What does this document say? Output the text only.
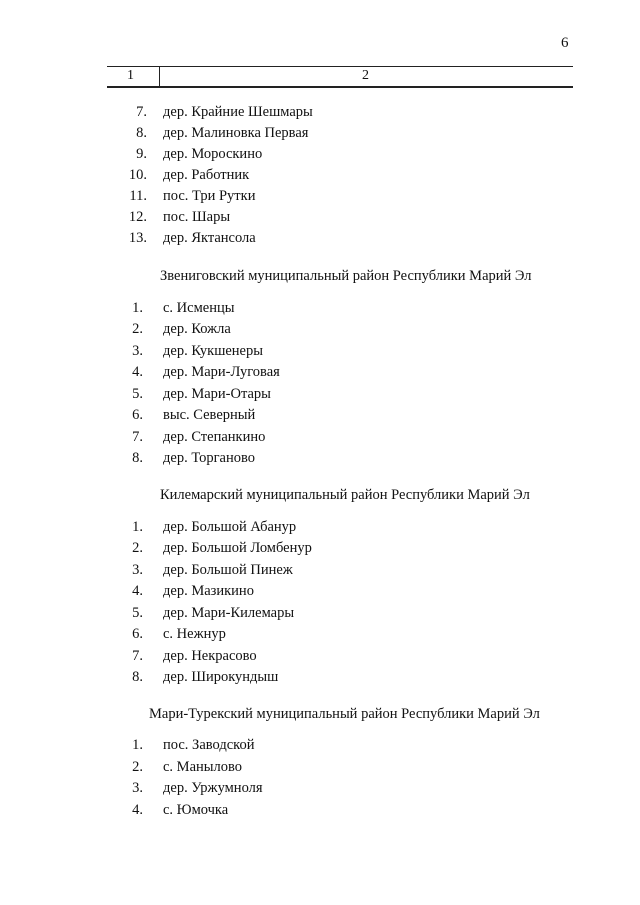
6
1	2
7. дер. Крайние Шешмары
8. дер. Малиновка Первая
9. дер. Мороскино
10. дер. Работник
11. пос. Три Рутки
12. пос. Шары
13. дер. Яктансола
Звениговский муниципальный район Республики Марий Эл
1. с. Исменцы
2. дер. Кожла
3. дер. Кукшенеры
4. дер. Мари-Луговая
5. дер. Мари-Отары
6. выс. Северный
7. дер. Степанкино
8. дер. Торганово
Килемарский муниципальный район Республики Марий Эл
1. дер. Большой Абанур
2. дер. Большой Ломбенур
3. дер. Большой Пинеж
4. дер. Мазикино
5. дер. Мари-Килемары
6. с. Нежнур
7. дер. Некрасово
8. дер. Широкундыш
Мари-Турекский муниципальный район Республики Марий Эл
1. пос. Заводской
2. с. Манылово
3. дер. Уржумноля
4. с. Юмочка
